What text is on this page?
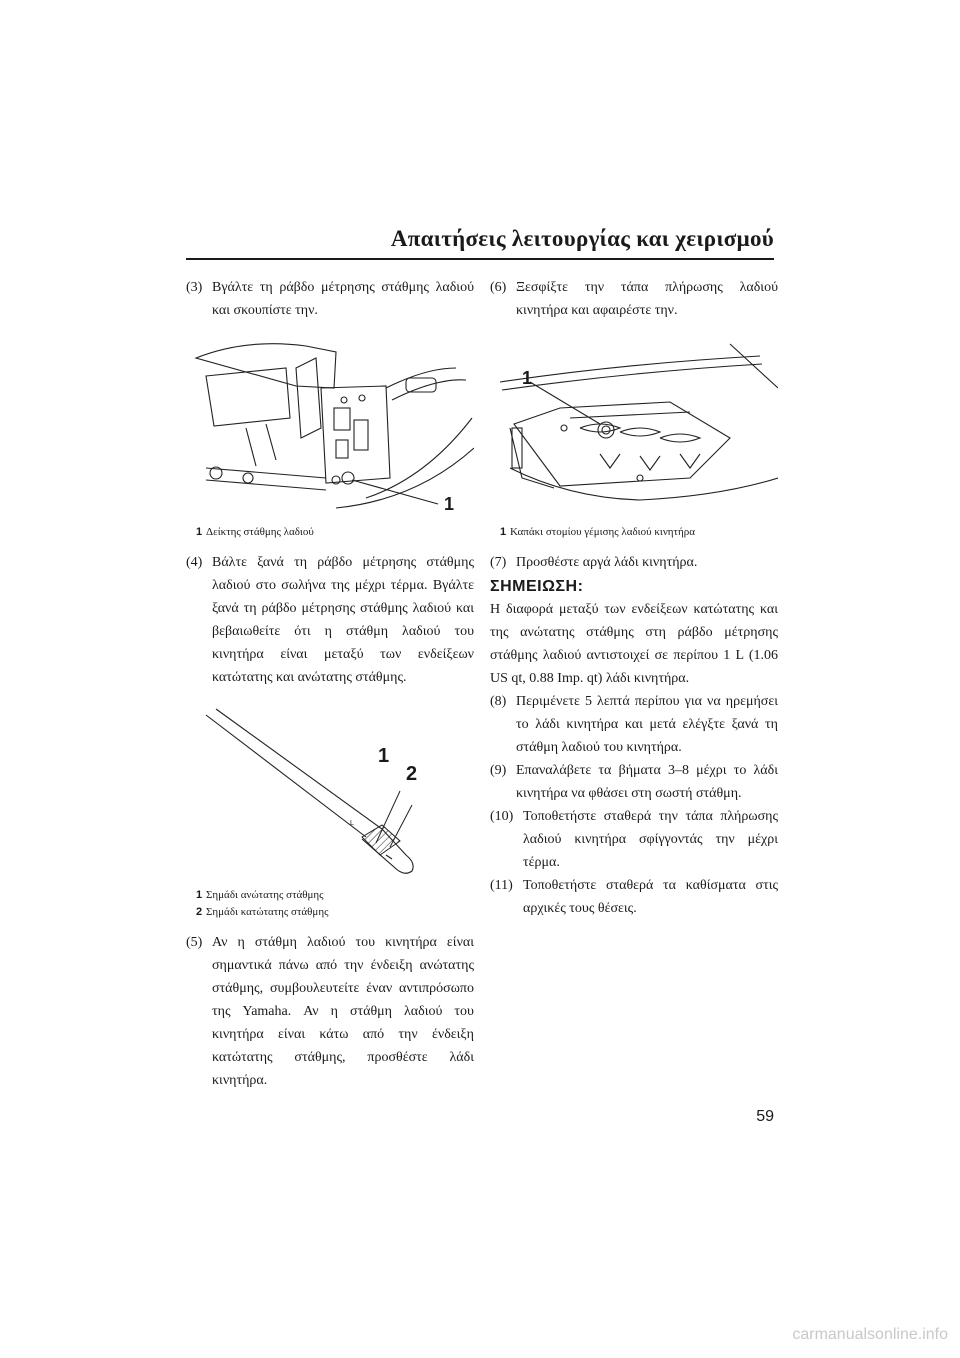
Απαιτήσεις λειτουργίας και χειρισμού
(3) Βγάλτε τη ράβδο μέτρησης στάθμης λαδιού και σκουπίστε την.
1
1 Δείκτης στάθμης λαδιού
(4) Βάλτε ξανά τη ράβδο μέτρησης στάθμης λαδιού στο σωλήνα της μέχρι τέρμα. Βγάλτε ξανά τη ράβδο μέτρησης στάθμης λαδιού και βεβαιωθείτε ότι η στάθμη λαδιού του κινητήρα είναι μεταξύ των ενδείξεων κατώτατης και ανώτατης στάθμης.
L
1
2
1 Σημάδι ανώτατης στάθμης
2 Σημάδι κατώτατης στάθμης
(5) Αν η στάθμη λαδιού του κινητήρα είναι σημαντικά πάνω από την ένδειξη ανώτατης στάθμης, συμβουλευτείτε έναν αντιπρόσωπο της Yamaha. Αν η στάθμη λαδιού του κινητήρα είναι κάτω από την ένδειξη κατώτατης στάθμης, προσθέστε λάδι κινητήρα.
(6) Ξεσφίξτε την τάπα πλήρωσης λαδιού κινητήρα και αφαιρέστε την.
1
1 Καπάκι στομίου γέμισης λαδιού κινητήρα
(7) Προσθέστε αργά λάδι κινητήρα.
ΣΗΜΕΙΩΣΗ:
Η διαφορά μεταξύ των ενδείξεων κατώτατης και της ανώτατης στάθμης στη ράβδο μέτρησης στάθμης λαδιού αντιστοιχεί σε περίπου 1 L (1.06 US qt, 0.88 Imp. qt) λάδι κινητήρα.
(8) Περιμένετε 5 λεπτά περίπου για να ηρεμήσει το λάδι κινητήρα και μετά ελέγξτε ξανά τη στάθμη λαδιού του κινητήρα.
(9) Επαναλάβετε τα βήματα 3–8 μέχρι το λάδι κινητήρα να φθάσει στη σωστή στάθμη.
(10) Τοποθετήστε σταθερά την τάπα πλήρωσης λαδιού κινητήρα σφίγγοντάς την μέχρι τέρμα.
(11) Τοποθετήστε σταθερά τα καθίσματα στις αρχικές τους θέσεις.
59
carmanualsonline.info
